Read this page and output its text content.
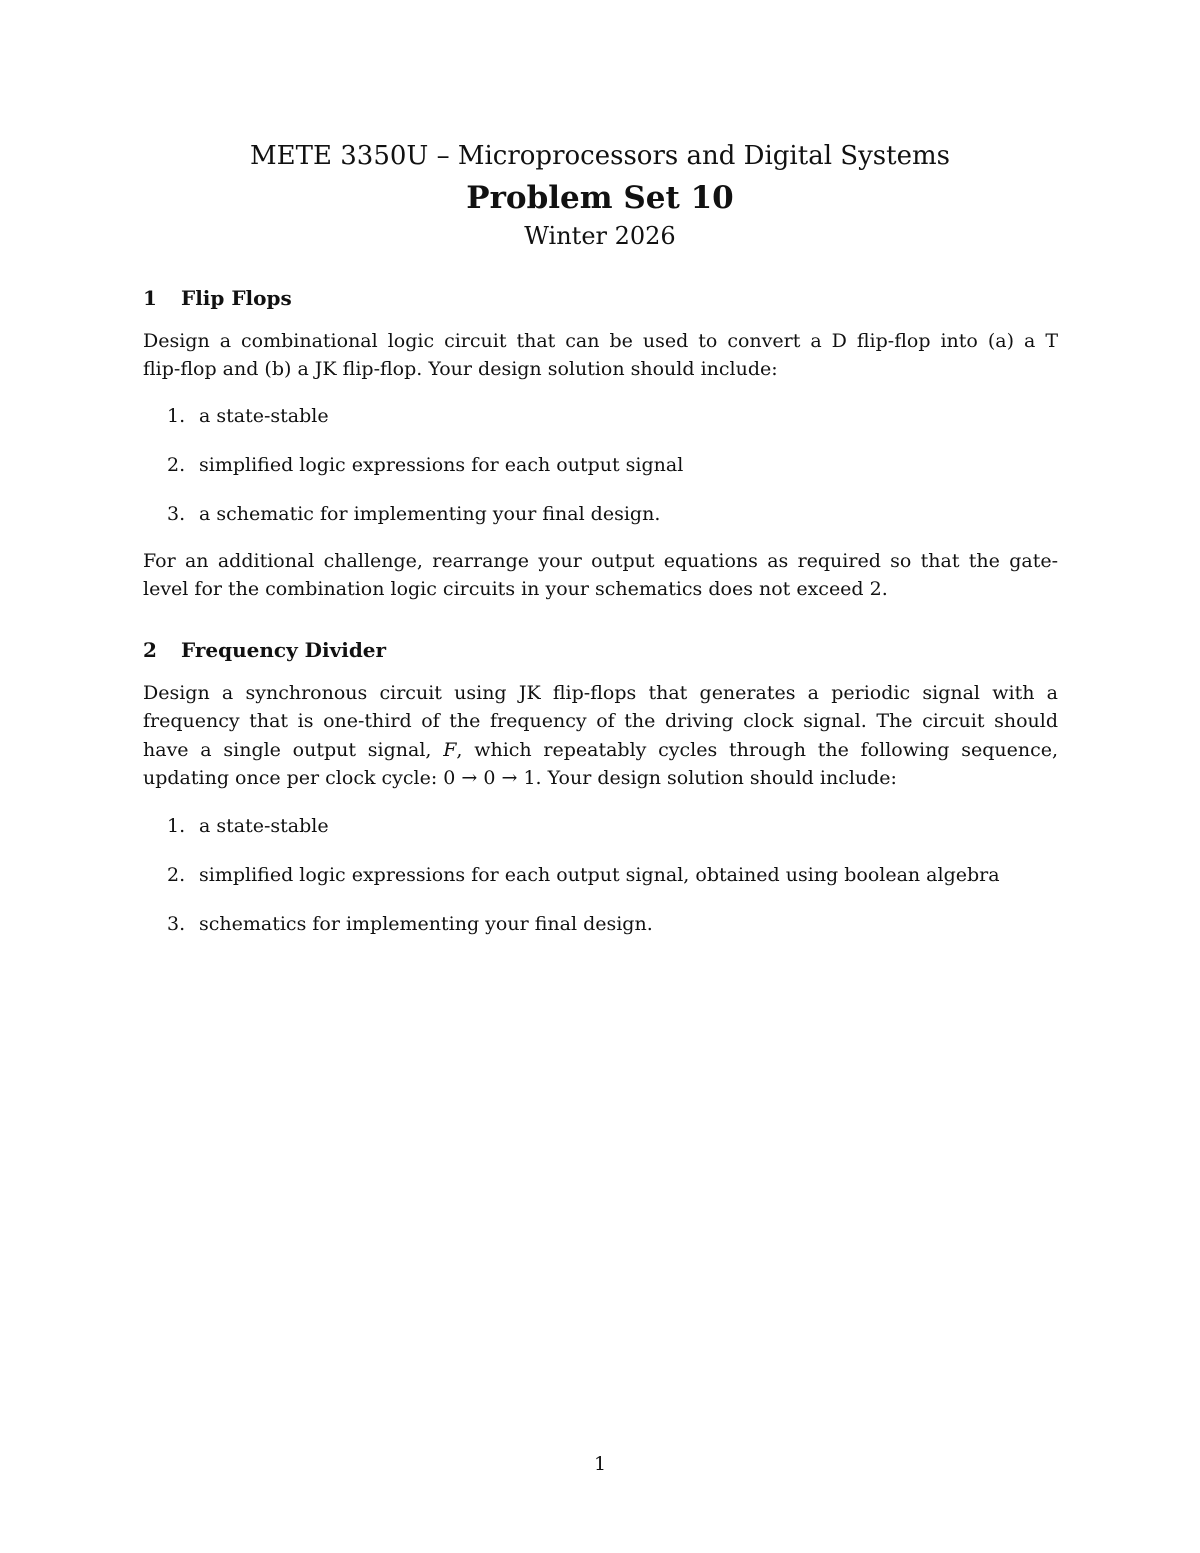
METE 3350U – Microprocessors and Digital Systems
Problem Set 10
Winter 2026
1	Flip Flops
Design a combinational logic circuit that can be used to convert a D flip-flop into (a) a T
flip-flop and (b) a JK flip-flop. Your design solution should include:
1. a state-stable
2. simplified logic expressions for each output signal
3. a schematic for implementing your final design.
For an additional challenge, rearrange your output equations as required so that the gate-
level for the combination logic circuits in your schematics does not exceed 2.
2	Frequency Divider
Design a synchronous circuit using JK flip-flops that generates a periodic signal with a
frequency that is one-third of the frequency of the driving clock signal. The circuit should
have a single output signal, F, which repeatably cycles through the following sequence,
updating once per clock cycle: 0 → 0 → 1. Your design solution should include:
1. a state-stable
2. simplified logic expressions for each output signal, obtained using boolean algebra
3. schematics for implementing your final design.
1
